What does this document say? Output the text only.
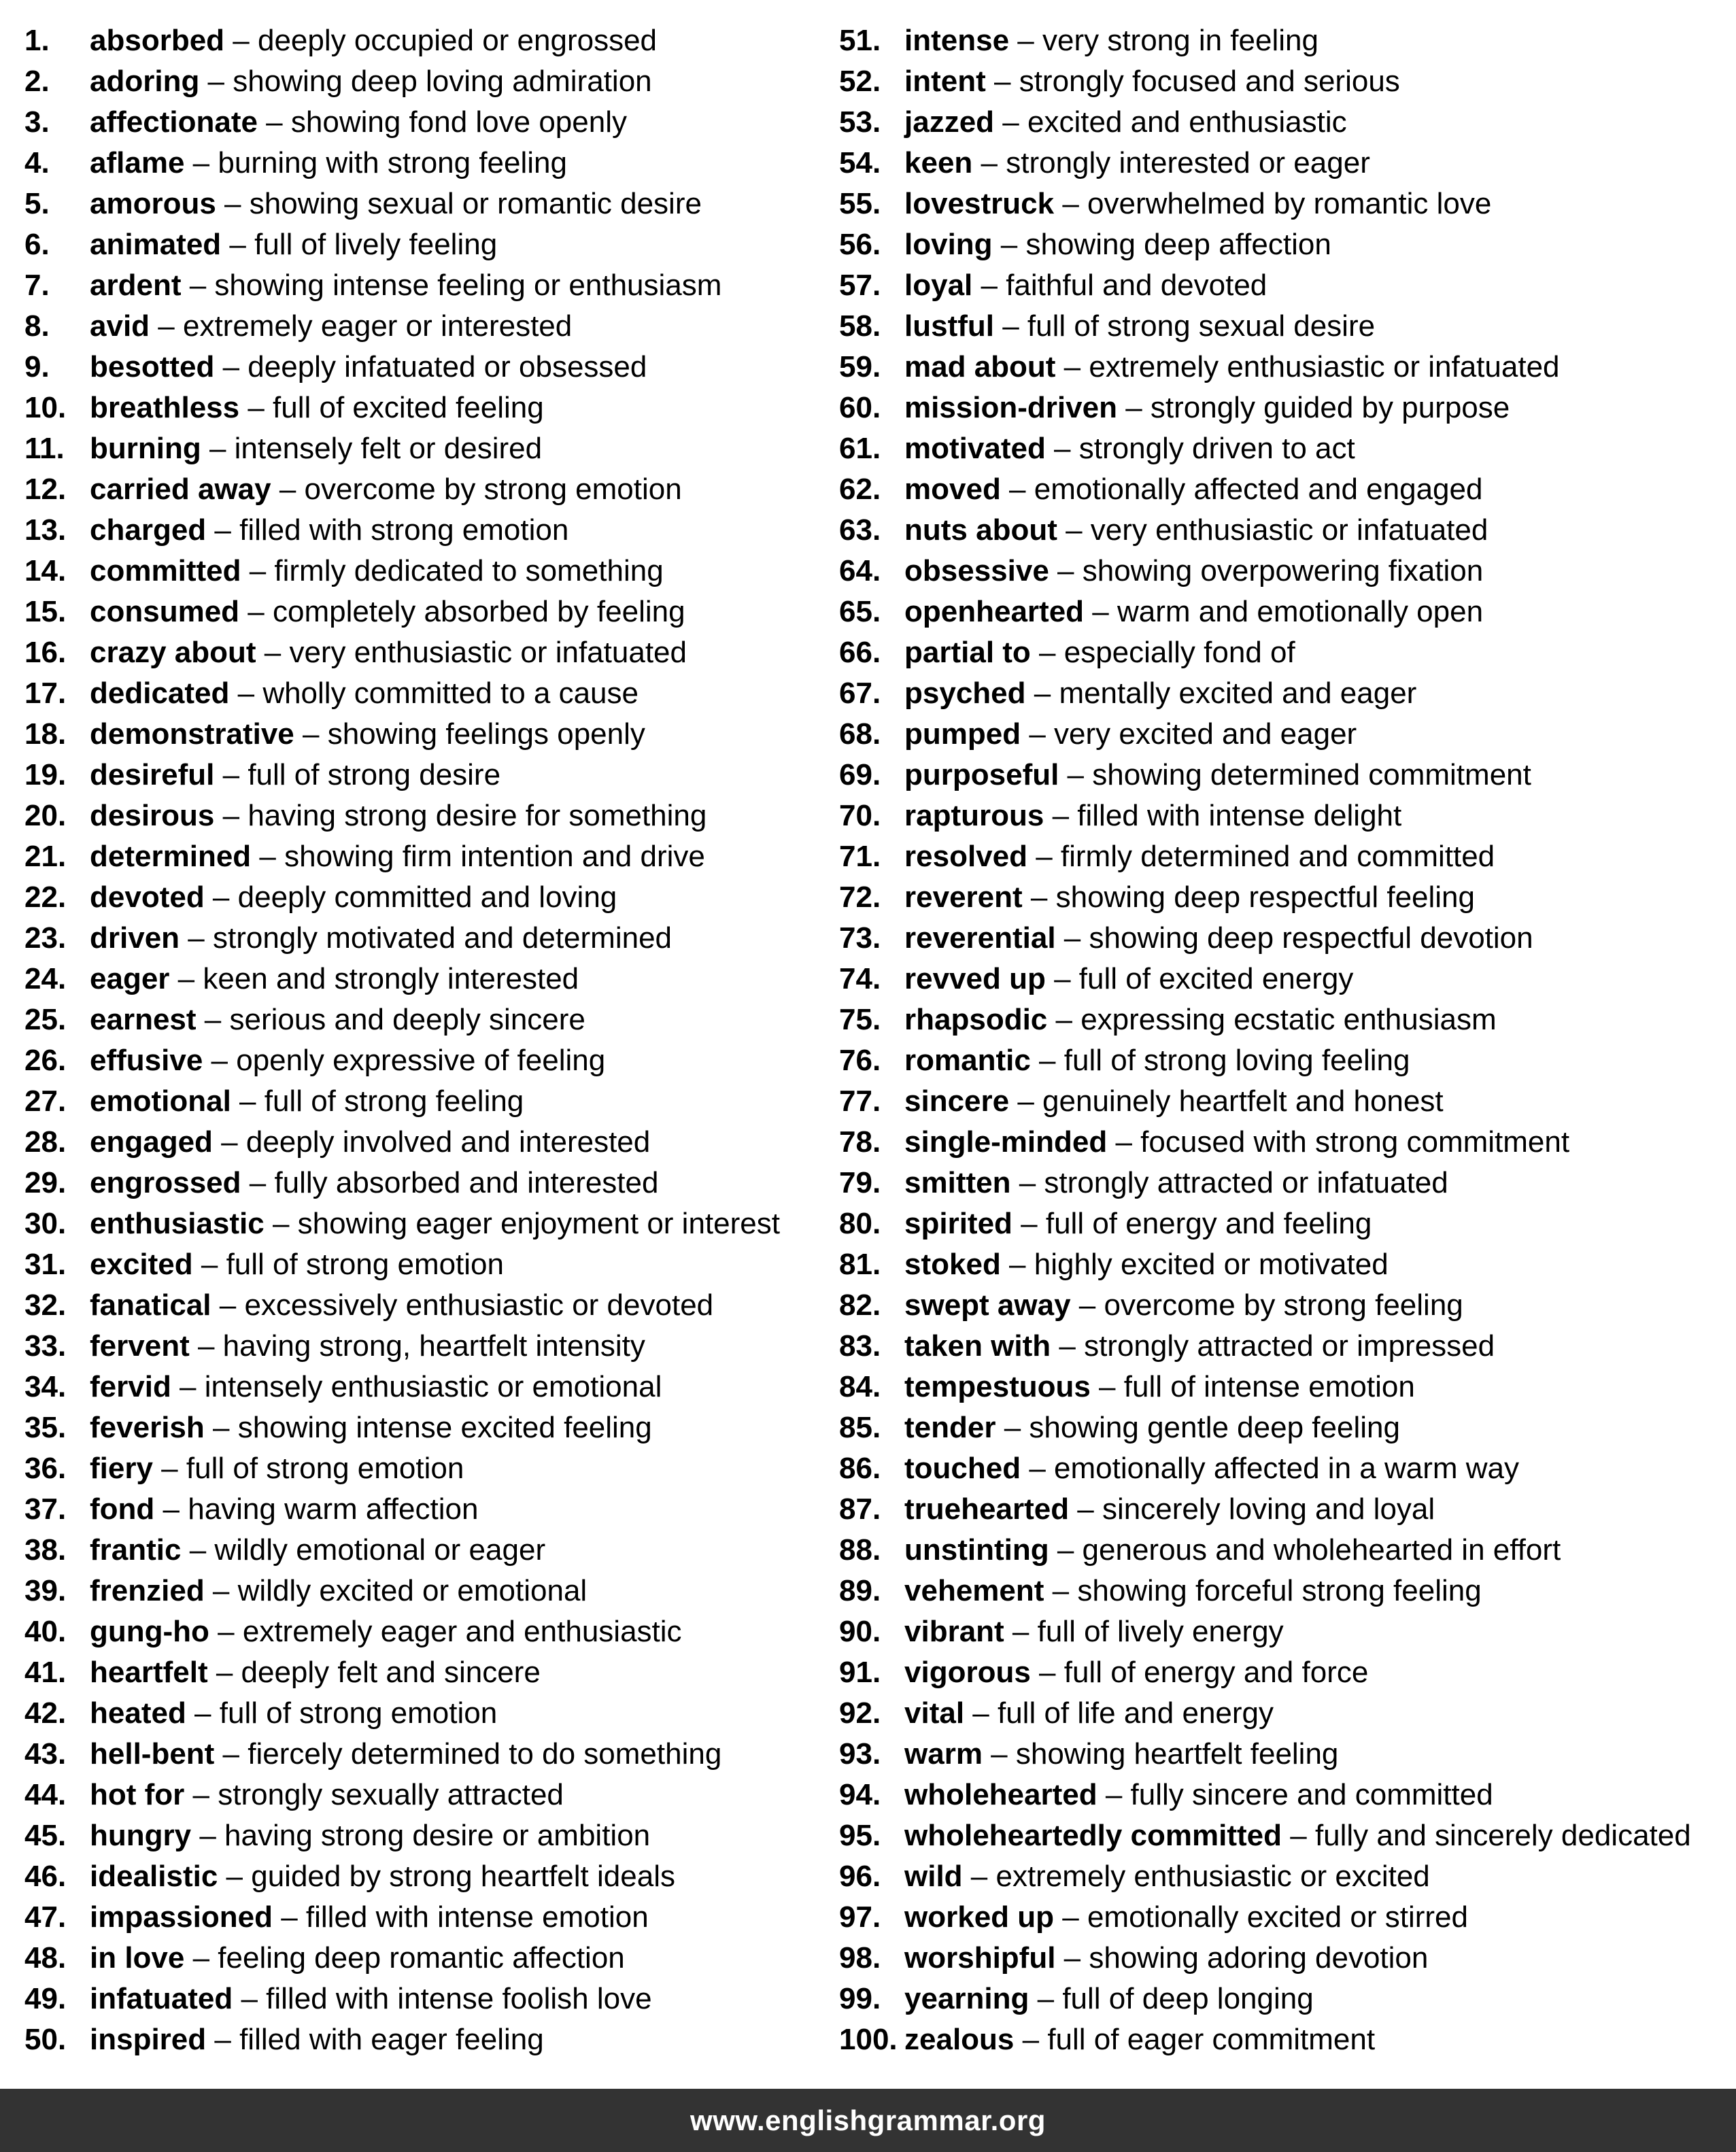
1.	absorbed – deeply occupied or engrossed
2.	adoring – showing deep loving admiration
3.	affectionate – showing fond love openly
4.	aflame – burning with strong feeling
5.	amorous – showing sexual or romantic desire
6.	animated – full of lively feeling
7.	ardent – showing intense feeling or enthusiasm
8.	avid – extremely eager or interested
9.	besotted – deeply infatuated or obsessed
10. breathless – full of excited feeling
11. burning – intensely felt or desired
12. carried away – overcome by strong emotion
13. charged – filled with strong emotion
14. committed – firmly dedicated to something
15. consumed – completely absorbed by feeling
16. crazy about – very enthusiastic or infatuated
17. dedicated – wholly committed to a cause
18. demonstrative – showing feelings openly
19. desireful – full of strong desire
20. desirous – having strong desire for something
21. determined – showing firm intention and drive
22. devoted – deeply committed and loving
23. driven – strongly motivated and determined
24. eager – keen and strongly interested
25. earnest – serious and deeply sincere
26. effusive – openly expressive of feeling
27. emotional – full of strong feeling
28. engaged – deeply involved and interested
29. engrossed – fully absorbed and interested
30. enthusiastic – showing eager enjoyment or interest
31. excited – full of strong emotion
32. fanatical – excessively enthusiastic or devoted
33. fervent – having strong, heartfelt intensity
34. fervid – intensely enthusiastic or emotional
35. feverish – showing intense excited feeling
36. fiery – full of strong emotion
37. fond – having warm affection
38. frantic – wildly emotional or eager
39. frenzied – wildly excited or emotional
40. gung-ho – extremely eager and enthusiastic
41. heartfelt – deeply felt and sincere
42. heated – full of strong emotion
43. hell-bent – fiercely determined to do something
44. hot for – strongly sexually attracted
45. hungry – having strong desire or ambition
46. idealistic – guided by strong heartfelt ideals
47. impassioned – filled with intense emotion
48. in love – feeling deep romantic affection
49. infatuated – filled with intense foolish love
50. inspired – filled with eager feeling
51. intense – very strong in feeling
52. intent – strongly focused and serious
53. jazzed – excited and enthusiastic
54. keen – strongly interested or eager
55. lovestruck – overwhelmed by romantic love
56. loving – showing deep affection
57. loyal – faithful and devoted
58. lustful – full of strong sexual desire
59. mad about – extremely enthusiastic or infatuated
60. mission-driven – strongly guided by purpose
61. motivated – strongly driven to act
62. moved – emotionally affected and engaged
63. nuts about – very enthusiastic or infatuated
64. obsessive – showing overpowering fixation
65. openhearted – warm and emotionally open
66. partial to – especially fond of
67. psyched – mentally excited and eager
68. pumped – very excited and eager
69. purposeful – showing determined commitment
70. rapturous – filled with intense delight
71. resolved – firmly determined and committed
72. reverent – showing deep respectful feeling
73. reverential – showing deep respectful devotion
74. revved up – full of excited energy
75. rhapsodic – expressing ecstatic enthusiasm
76. romantic – full of strong loving feeling
77. sincere – genuinely heartfelt and honest
78. single-minded – focused with strong commitment
79. smitten – strongly attracted or infatuated
80. spirited – full of energy and feeling
81. stoked – highly excited or motivated
82. swept away – overcome by strong feeling
83. taken with – strongly attracted or impressed
84. tempestuous – full of intense emotion
85. tender – showing gentle deep feeling
86. touched – emotionally affected in a warm way
87. truehearted – sincerely loving and loyal
88. unstinting – generous and wholehearted in effort
89. vehement – showing forceful strong feeling
90. vibrant – full of lively energy
91. vigorous – full of energy and force
92. vital – full of life and energy
93. warm – showing heartfelt feeling
94. wholehearted – fully sincere and committed
95. wholeheartedly committed – fully and sincerely dedicated
96. wild – extremely enthusiastic or excited
97. worked up – emotionally excited or stirred
98. worshipful – showing adoring devotion
99. yearning – full of deep longing
100. zealous – full of eager commitment
www.englishgrammar.org
